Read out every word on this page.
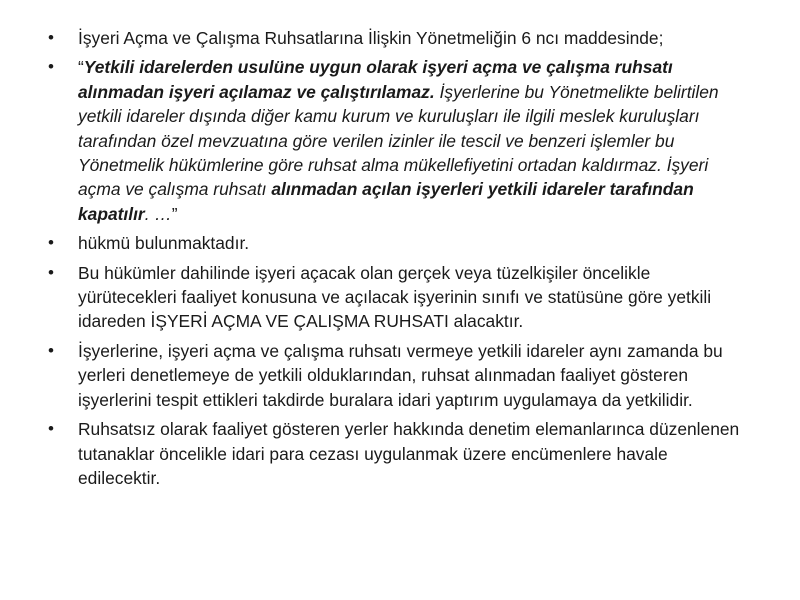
• İşyeri Açma ve Çalışma Ruhsatlarına İlişkin Yönetmeliğin 6 ncı maddesinde;
• “Yetkili idarelerden usulüne uygun olarak işyeri açma ve çalışma ruhsatı alınmadan işyeri açılamaz ve çalıştırılamaz. İşyerlerine bu Yönetmelikte belirtilen yetkili idareler dışında diğer kamu kurum ve kuruluşları ile ilgili meslek kuruluşları tarafından özel mevzuatına göre verilen izinler ile tescil ve benzeri işlemler bu Yönetmelik hükümlerine göre ruhsat alma mükellefiyetini ortadan kaldırmaz. İşyeri açma ve çalışma ruhsatı alınmadan açılan işyerleri yetkili idareler tarafından kapatılır. …”
• hükmü bulunmaktadır.
• Bu hükümler dahilinde işyeri açacak olan gerçek veya tüzelkişiler öncelikle yürütecekleri faaliyet konusuna ve açılacak işyerinin sınıfı ve statüsüne göre yetkili idareden İŞYERİ AÇMA VE ÇALIŞMA RUHSATI alacaktır.
• İşyerlerine, işyeri açma ve çalışma ruhsatı vermeye yetkili idareler aynı zamanda bu yerleri denetlemeye de yetkili olduklarından, ruhsat alınmadan faaliyet gösteren işyerlerini tespit ettikleri takdirde buralara idari yaptırım uygulamaya da yetkilidir.
• Ruhsatsız olarak faaliyet gösteren yerler hakkında denetim elemanlarınca düzenlenen tutanaklar öncelikle idari para cezası uygulanmak üzere encümenlere havale edilecektir.
